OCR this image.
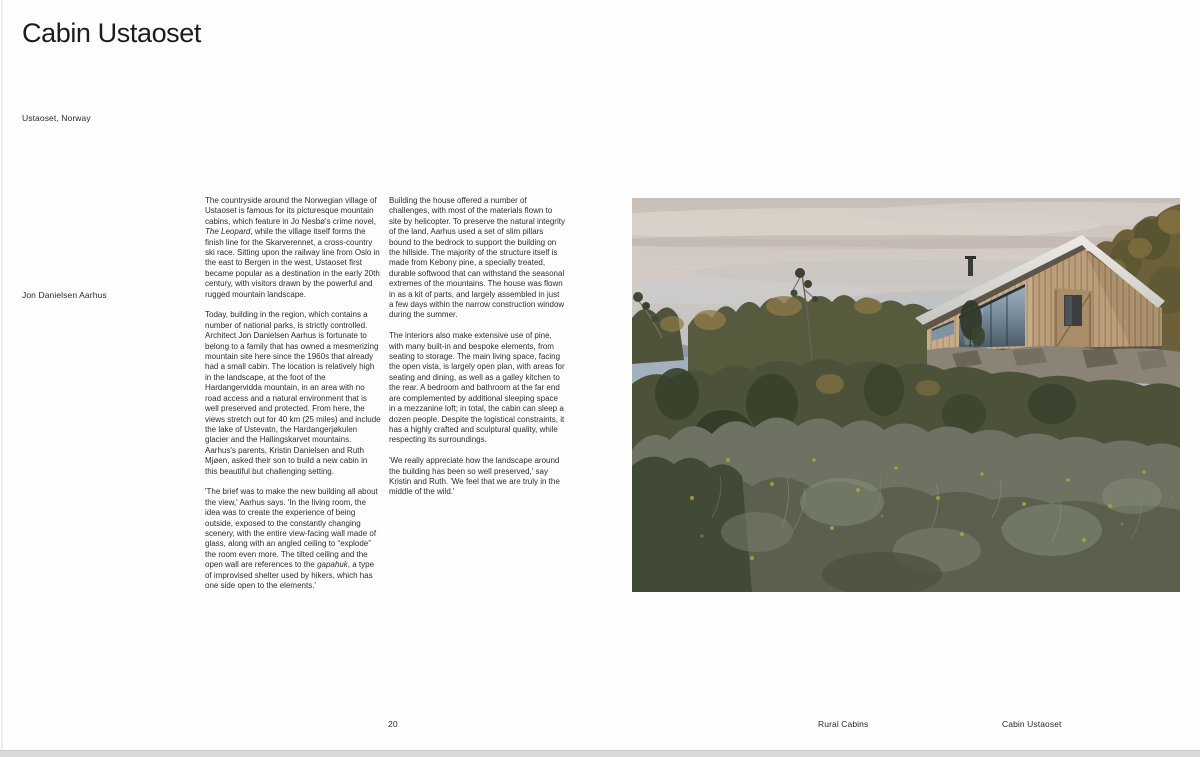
Cabin Ustaoset
Ustaoset, Norway
Jon Danielsen Aarhus

The countryside around the Norwegian village of Ustaoset is famous for its picturesque mountain cabins, which feature in Jo Nesbø's crime novel, The Leopard, while the village itself forms the finish line for the Skarverennet, a cross-country ski race. Sitting upon the railway line from Oslo in the east to Bergen in the west, Ustaoset first became popular as a destination in the early 20th century, with visitors drawn by the powerful and rugged mountain landscape.

Today, building in the region, which contains a number of national parks, is strictly controlled. Architect Jon Danielsen Aarhus is fortunate to belong to a family that has owned a mesmerizing mountain site here since the 1960s that already had a small cabin. The location is relatively high in the landscape, at the foot of the Hardangervidda mountain, in an area with no road access and a natural environment that is well preserved and protected. From here, the views stretch out for 40 km (25 miles) and include the lake of Ustevatn, the Hardangerjøkulen glacier and the Hallingskarvet mountains. Aarhus's parents, Kristin Danielsen and Ruth Mjøen, asked their son to build a new cabin in this beautiful but challenging setting.

'The brief was to make the new building all about the view,' Aarhus says. 'In the living room, the idea was to create the experience of being outside, exposed to the constantly changing scenery, with the entire view-facing wall made of glass, along with an angled ceiling to “explode” the room even more. The tilted ceiling and the open wall are references to the gapahuk, a type of improvised shelter used by hikers, which has one side open to the elements.'

Building the house offered a number of challenges, with most of the materials flown to site by helicopter. To preserve the natural integrity of the land, Aarhus used a set of slim pillars bound to the bedrock to support the building on the hillside. The majority of the structure itself is made from Kebony pine, a specially treated, durable softwood that can withstand the seasonal extremes of the mountains. The house was flown in as a kit of parts, and largely assembled in just a few days within the narrow construction window during the summer.

The interiors also make extensive use of pine, with many built-in and bespoke elements, from seating to storage. The main living space, facing the open vista, is largely open plan, with areas for seating and dining, as well as a galley kitchen to the rear. A bedroom and bathroom at the far end are complemented by additional sleeping space in a mezzanine loft; in total, the cabin can sleep a dozen people. Despite the logistical constraints, it has a highly crafted and sculptural quality, while respecting its surroundings.

'We really appreciate how the landscape around the building has been so well preserved,' say Kristin and Ruth. 'We feel that we are truly in the middle of the wild.'

20	Rural Cabins	Cabin Ustaoset
